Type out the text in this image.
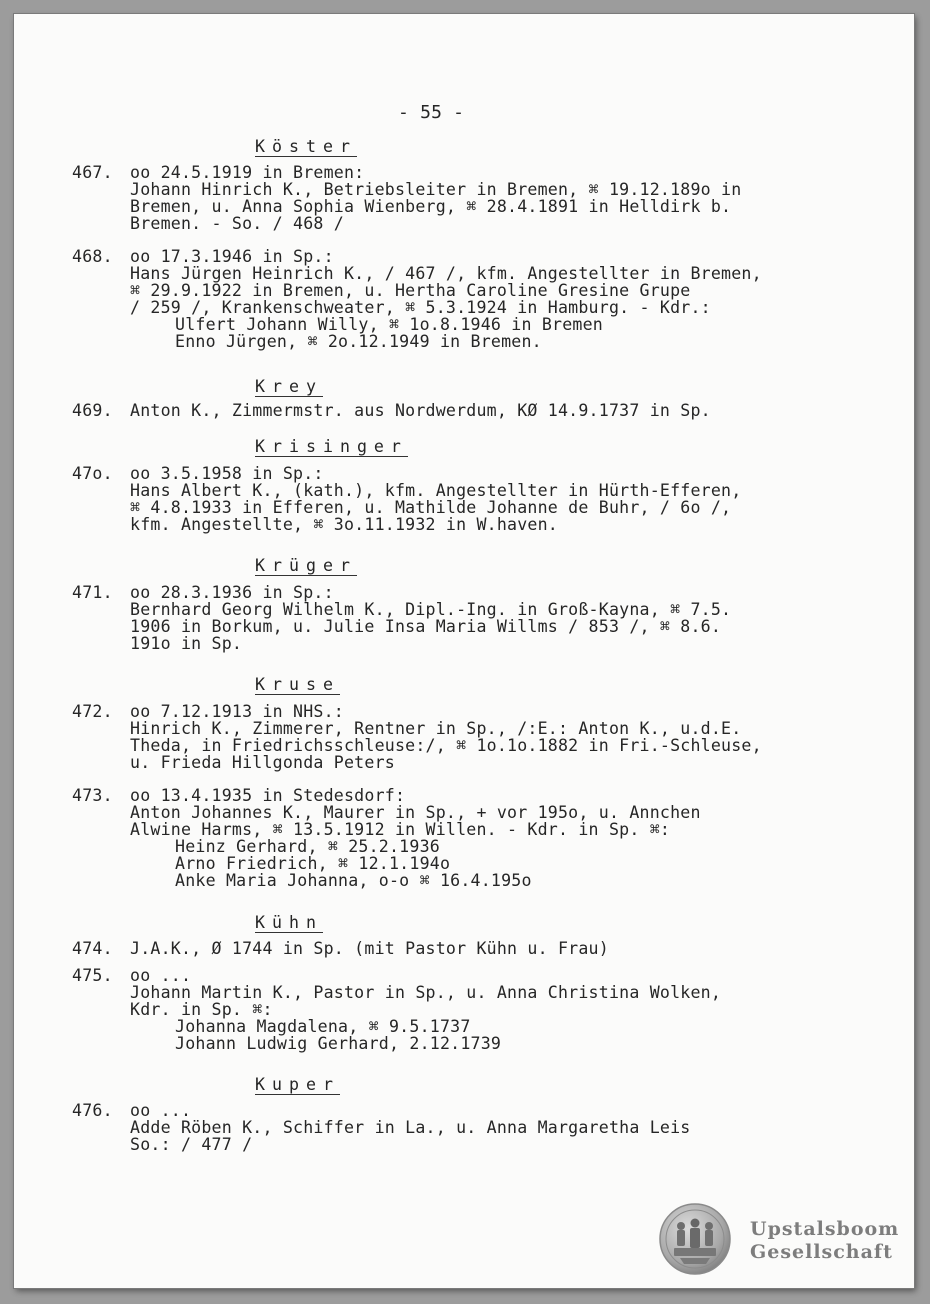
- 55 -
Köster
467. oo 24.5.1919 in Bremen:
Johann Hinrich K., Betriebsleiter in Bremen, ⌘ 19.12.189o in
Bremen, u. Anna Sophia Wienberg, ⌘ 28.4.1891 in Helldirk b.
Bremen. - So. / 468 /
468. oo 17.3.1946 in Sp.:
Hans Jürgen Heinrich K., / 467 /, kfm. Angestellter in Bremen,
⌘ 29.9.1922 in Bremen, u. Hertha Caroline Gresine Grupe
/ 259 /, Krankenschweater, ⌘ 5.3.1924 in Hamburg. - Kdr.:
Ulfert Johann Willy, ⌘ 1o.8.1946 in Bremen
Enno Jürgen, ⌘ 2o.12.1949 in Bremen.
Krey
469. Anton K., Zimmermstr. aus Nordwerdum, KØ 14.9.1737 in Sp.
Krisinger
47o. oo 3.5.1958 in Sp.:
Hans Albert K., (kath.), kfm. Angestellter in Hürth-Efferen,
⌘ 4.8.1933 in Efferen, u. Mathilde Johanne de Buhr, / 6o /,
kfm. Angestellte, ⌘ 3o.11.1932 in W.haven.
Krüger
471. oo 28.3.1936 in Sp.:
Bernhard Georg Wilhelm K., Dipl.-Ing. in Groß-Kayna, ⌘ 7.5.
1906 in Borkum, u. Julie Insa Maria Willms / 853 /, ⌘ 8.6.
191o in Sp.
Kruse
472. oo 7.12.1913 in NHS.:
Hinrich K., Zimmerer, Rentner in Sp., /:E.: Anton K., u.d.E.
Theda, in Friedrichsschleuse:/, ⌘ 1o.1o.1882 in Fri.-Schleuse,
u. Frieda Hillgonda Peters
473. oo 13.4.1935 in Stedesdorf:
Anton Johannes K., Maurer in Sp., + vor 195o, u. Annchen
Alwine Harms, ⌘ 13.5.1912 in Willen. - Kdr. in Sp. ⌘:
Heinz Gerhard, ⌘ 25.2.1936
Arno Friedrich, ⌘ 12.1.194o
Anke Maria Johanna, o-o ⌘ 16.4.195o
Kühn
474. J.A.K., Ø 1744 in Sp. (mit Pastor Kühn u. Frau)
475. oo ...
Johann Martin K., Pastor in Sp., u. Anna Christina Wolken,
Kdr. in Sp. ⌘:
Johanna Magdalena, ⌘ 9.5.1737
Johann Ludwig Gerhard, 2.12.1739
Kuper
476. oo ...
Adde Röben K., Schiffer in La., u. Anna Margaretha Leis
So.: / 477 /
Upstalsboom
Gesellschaft
